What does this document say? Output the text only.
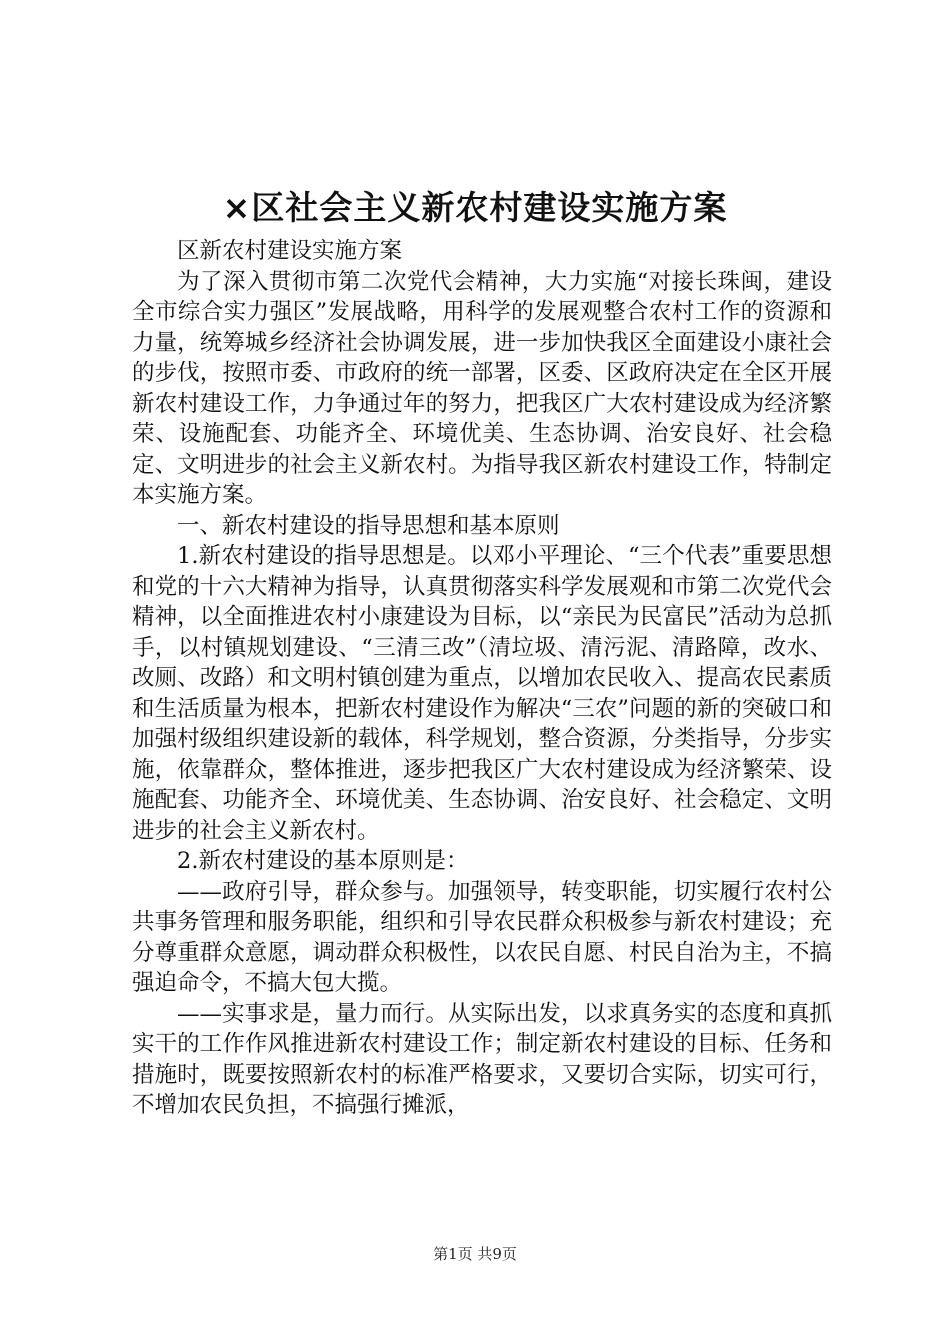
×区社会主义新农村建设实施方案

区新农村建设实施方案

为了深入贯彻市第二次党代会精神，大力实施“对接长珠闽，建设全市综合实力强区”发展战略，用科学的发展观整合农村工作的资源和力量，统筹城乡经济社会协调发展，进一步加快我区全面建设小康社会的步伐，按照市委、市政府的统一部署，区委、区政府决定在全区开展新农村建设工作，力争通过年的努力，把我区广大农村建设成为经济繁荣、设施配套、功能齐全、环境优美、生态协调、治安良好、社会稳定、文明进步的社会主义新农村。为指导我区新农村建设工作，特制定本实施方案。

一、新农村建设的指导思想和基本原则

1.新农村建设的指导思想是。以邓小平理论、“三个代表”重要思想和党的十六大精神为指导，认真贯彻落实科学发展观和市第二次党代会精神，以全面推进农村小康建设为目标，以“亲民为民富民”活动为总抓手，以村镇规划建设、“三清三改”（清垃圾、清污泥、清路障，改水、改厕、改路）和文明村镇创建为重点，以增加农民收入、提高农民素质和生活质量为根本，把新农村建设作为解决“三农”问题的新的突破口和加强村级组织建设新的载体，科学规划，整合资源，分类指导，分步实施，依靠群众，整体推进，逐步把我区广大农村建设成为经济繁荣、设施配套、功能齐全、环境优美、生态协调、治安良好、社会稳定、文明进步的社会主义新农村。

2.新农村建设的基本原则是：

——政府引导，群众参与。加强领导，转变职能，切实履行农村公共事务管理和服务职能，组织和引导农民群众积极参与新农村建设；充分尊重群众意愿，调动群众积极性，以农民自愿、村民自治为主，不搞强迫命令，不搞大包大揽。

——实事求是，量力而行。从实际出发，以求真务实的态度和真抓实干的工作作风推进新农村建设工作；制定新农村建设的目标、任务和措施时，既要按照新农村的标准严格要求，又要切合实际，切实可行，不增加农民负担，不搞强行摊派，

第1页 共9页
